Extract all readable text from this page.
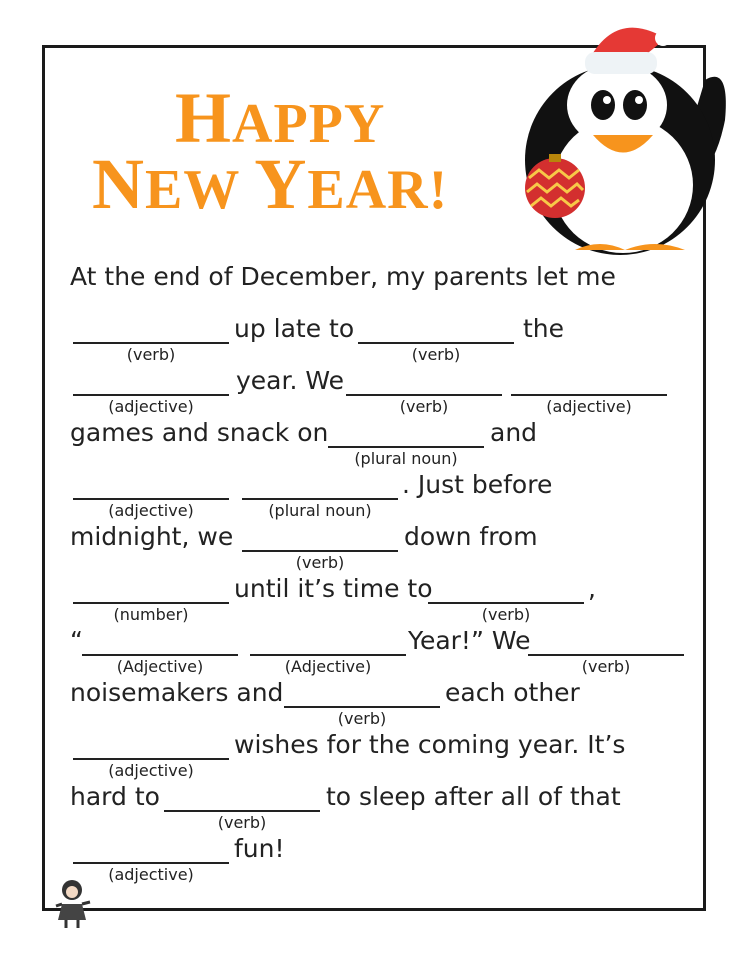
HAPPY
NEW YEAR!
At the end of December, my parents let me
(verb)
up late to
(verb)
the
(adjective)
year. We
(verb)	(adjective)
games and snack on
(plural noun)
and
(adjective)	(plural noun)
. Just before
midnight, we
(verb)
down from
(number)
until it’s time to
(verb)
,
“
(Adjective)	(Adjective)
Year!” We
(verb)
noisemakers and
(verb)
each other
(adjective)
wishes for the coming year. It’s
hard to
(verb)
to sleep after all of that
(adjective)
fun!
